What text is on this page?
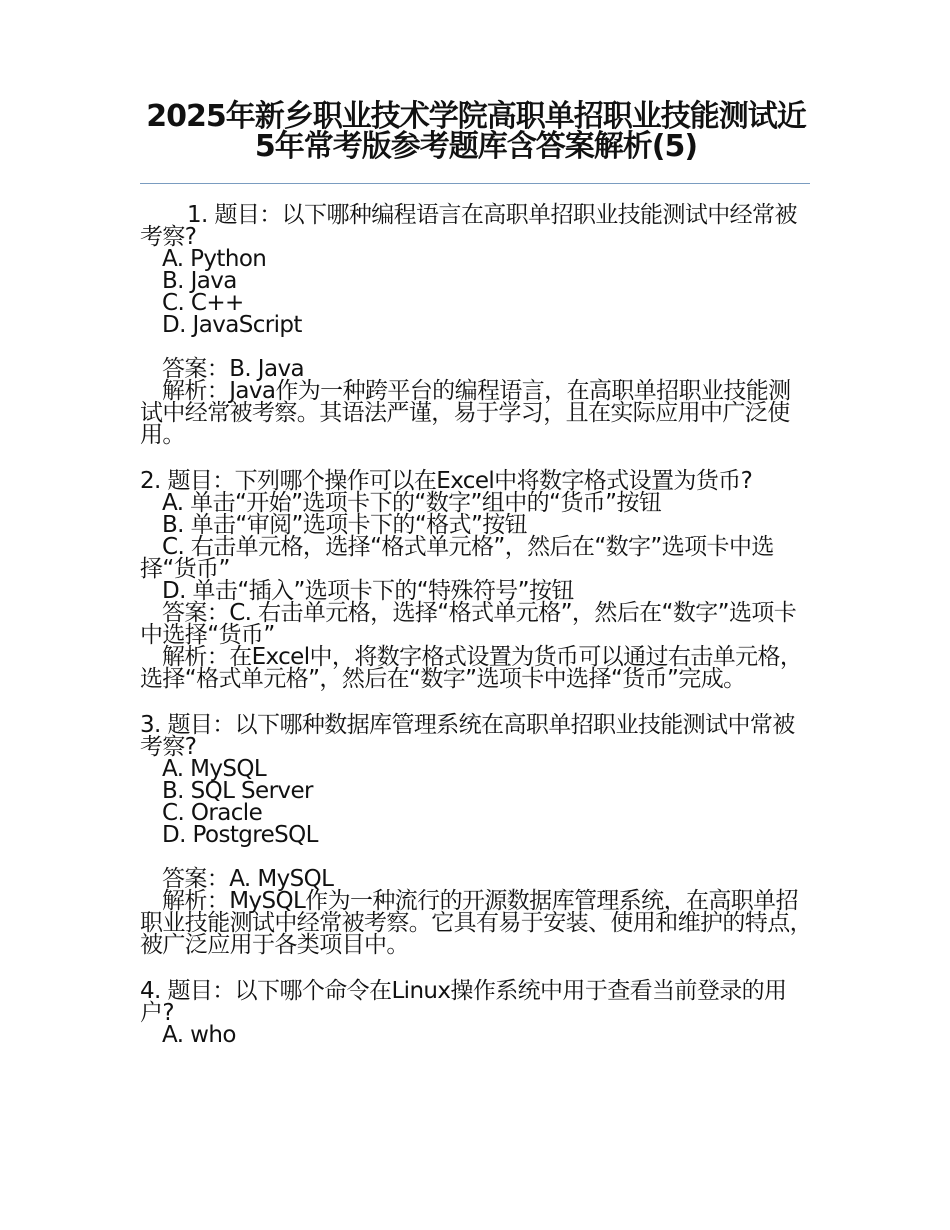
2025年新乡职业技术学院高职单招职业技能测试近5年常考版参考题库含答案解析(5)

1. 题目：以下哪种编程语言在高职单招职业技能测试中经常被考察?

A. Python

B. Java

C. C++

D. JavaScript

答案：B. Java

解析：Java作为一种跨平台的编程语言，在高职单招职业技能测试中经常被考察。其语法严谨，易于学习，且在实际应用中广泛使用。

2. 题目：下列哪个操作可以在Excel中将数字格式设置为货币?

A. 单击“开始”选项卡下的“数字”组中的“货币”按钮

B. 单击“审阅”选项卡下的“格式”按钮

C. 右击单元格，选择“格式单元格”，然后在“数字”选项卡中选择“货币”

D. 单击“插入”选项卡下的“特殊符号”按钮

答案：C. 右击单元格，选择“格式单元格”，然后在“数字”选项卡中选择“货币”

解析：在Excel中，将数字格式设置为货币可以通过右击单元格，选择“格式单元格”，然后在“数字”选项卡中选择“货币”完成。

3. 题目：以下哪种数据库管理系统在高职单招职业技能测试中常被考察?

A. MySQL

B. SQL Server

C. Oracle

D. PostgreSQL

答案：A. MySQL

解析：MySQL作为一种流行的开源数据库管理系统，在高职单招职业技能测试中经常被考察。它具有易于安装、使用和维护的特点，被广泛应用于各类项目中。

4. 题目：以下哪个命令在Linux操作系统中用于查看当前登录的用户?

A. who
